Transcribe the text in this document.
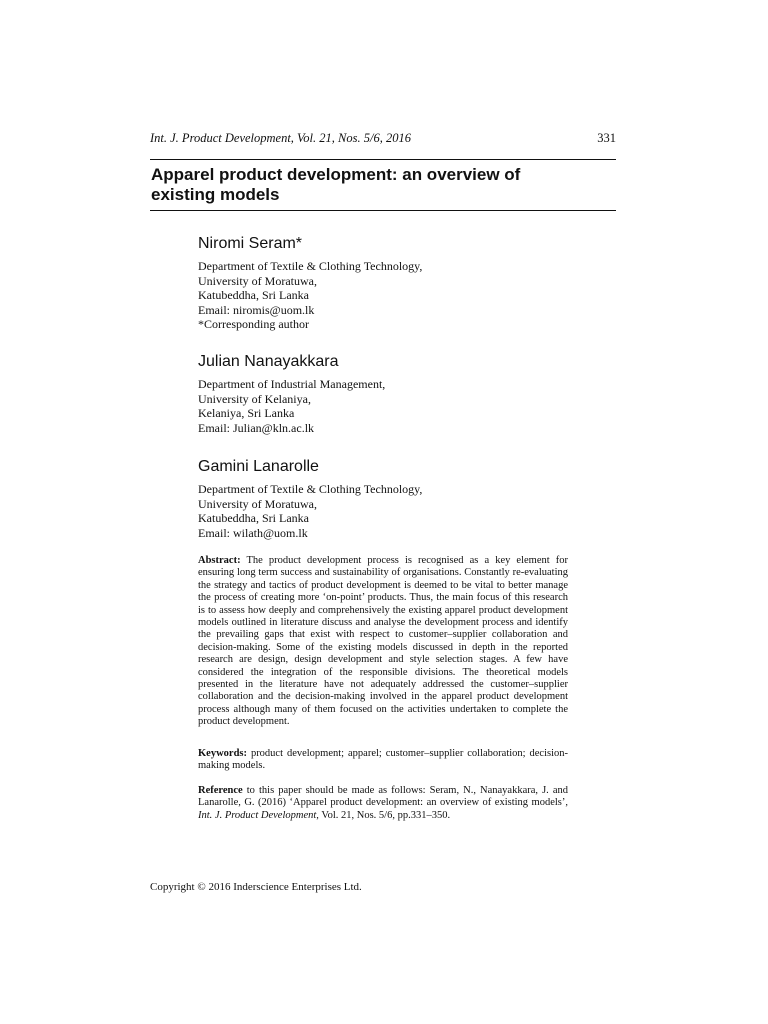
Int. J. Product Development, Vol. 21, Nos. 5/6, 2016	331
Apparel product development: an overview of
existing models
Niromi Seram*
Department of Textile & Clothing Technology,
University of Moratuwa,
Katubeddha, Sri Lanka
Email: niromis@uom.lk
*Corresponding author
Julian Nanayakkara
Department of Industrial Management,
University of Kelaniya,
Kelaniya, Sri Lanka
Email: Julian@kln.ac.lk
Gamini Lanarolle
Department of Textile & Clothing Technology,
University of Moratuwa,
Katubeddha, Sri Lanka
Email: wilath@uom.lk

Abstract: The product development process is recognised as a key element for ensuring long term success and sustainability of organisations. Constantly re-evaluating the strategy and tactics of product development is deemed to be vital to better manage the process of creating more ‘on-point’ products. Thus, the main focus of this research is to assess how deeply and comprehensively the existing apparel product development models outlined in literature discuss and analyse the development process and identify the prevailing gaps that exist with respect to customer–supplier collaboration and decision-making. Some of the existing models discussed in depth in the reported research are design, design development and style selection stages. A few have considered the integration of the responsible divisions. The theoretical models presented in the literature have not adequately addressed the customer–supplier collaboration and the decision-making involved in the apparel product development process although many of them focused on the activities undertaken to complete the product development.

Keywords: product development; apparel; customer–supplier collaboration; decision-making models.

Reference to this paper should be made as follows: Seram, N., Nanayakkara, J. and Lanarolle, G. (2016) ‘Apparel product development: an overview of existing models’, Int. J. Product Development, Vol. 21, Nos. 5/6, pp.331–350.

Copyright © 2016 Inderscience Enterprises Ltd.
